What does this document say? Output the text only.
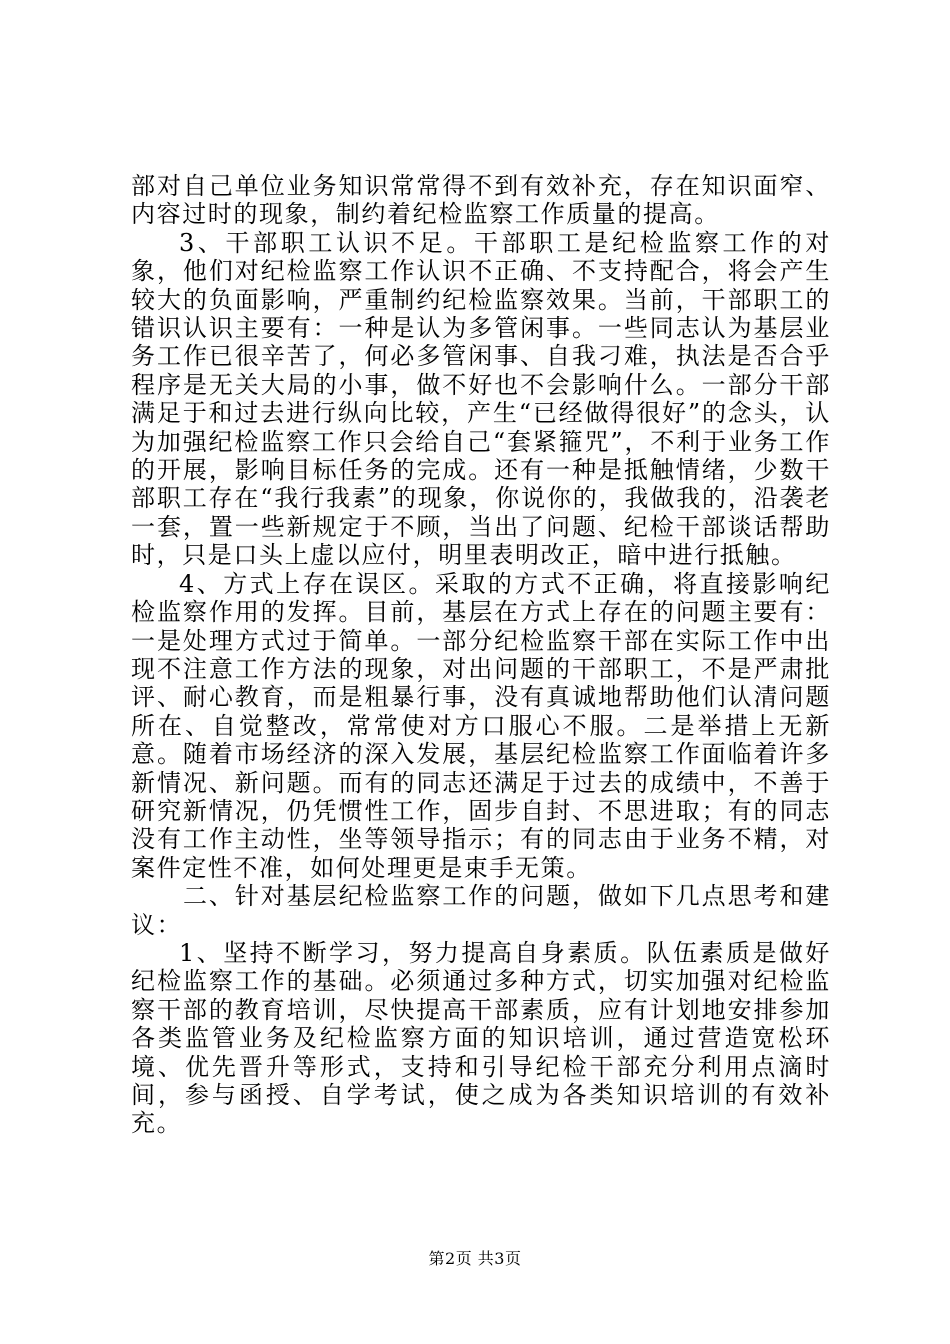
部对自己单位业务知识常常得不到有效补充，存在知识面窄、内容过时的现象，制约着纪检监察工作质量的提高。

3、干部职工认识不足。干部职工是纪检监察工作的对象，他们对纪检监察工作认识不正确、不支持配合，将会产生较大的负面影响，严重制约纪检监察效果。当前，干部职工的错识认识主要有：一种是认为多管闲事。一些同志认为基层业务工作已很辛苦了，何必多管闲事、自我刁难，执法是否合乎程序是无关大局的小事，做不好也不会影响什么。一部分干部满足于和过去进行纵向比较，产生“已经做得很好”的念头，认为加强纪检监察工作只会给自己“套紧箍咒”，不利于业务工作的开展，影响目标任务的完成。还有一种是抵触情绪，少数干部职工存在“我行我素”的现象，你说你的，我做我的，沿袭老一套，置一些新规定于不顾，当出了问题、纪检干部谈话帮助时，只是口头上虚以应付，明里表明改正，暗中进行抵触。

4、方式上存在误区。采取的方式不正确，将直接影响纪检监察作用的发挥。目前，基层在方式上存在的问题主要有：一是处理方式过于简单。一部分纪检监察干部在实际工作中出现不注意工作方法的现象，对出问题的干部职工，不是严肃批评、耐心教育，而是粗暴行事，没有真诚地帮助他们认清问题所在、自觉整改，常常使对方口服心不服。二是举措上无新意。随着市场经济的深入发展，基层纪检监察工作面临着许多新情况、新问题。而有的同志还满足于过去的成绩中，不善于研究新情况，仍凭惯性工作，固步自封、不思进取；有的同志没有工作主动性，坐等领导指示；有的同志由于业务不精，对案件定性不准，如何处理更是束手无策。

二、针对基层纪检监察工作的问题，做如下几点思考和建议：

1、坚持不断学习，努力提高自身素质。队伍素质是做好纪检监察工作的基础。必须通过多种方式，切实加强对纪检监察干部的教育培训，尽快提高干部素质，应有计划地安排参加各类监管业务及纪检监察方面的知识培训，通过营造宽松环境、优先晋升等形式，支持和引导纪检干部充分利用点滴时间，参与函授、自学考试，使之成为各类知识培训的有效补充。

第2页 共3页
